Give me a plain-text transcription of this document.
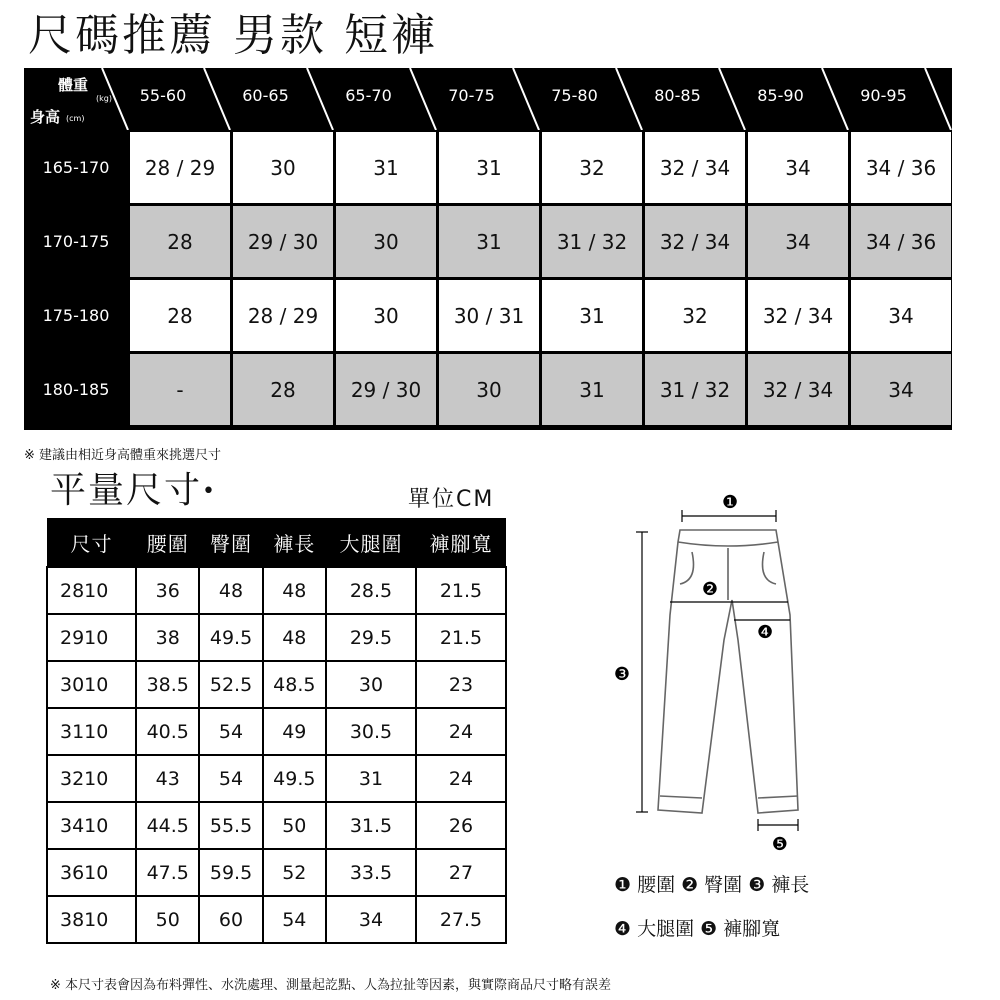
尺碼推薦 男款 短褲
體重
(kg)
身高 (cm)
55-60	60-65	65-70	70-75	75-80	80-85	85-90	90-95
165-170	28 / 29	30	31	31	32	32 / 34	34	34 / 36
170-175	28	29 / 30	30	31	31 / 32	32 / 34	34	34 / 36
175-180	28	28 / 29	30	30 / 31	31	32	32 / 34	34
180-185	-	28	29 / 30	30	31	31 / 32	32 / 34	34
※ 建議由相近身高體重來挑選尺寸
平量尺寸•	單位CM
尺寸	腰圍	臀圍	褲長	大腿圍	褲腳寬
2810	36	48	48	28.5	21.5
2910	38	49.5	48	29.5	21.5
3010	38.5	52.5	48.5	30	23
3110	40.5	54	49	30.5	24
3210	43	54	49.5	31	24
3410	44.5	55.5	50	31.5	26
3610	47.5	59.5	52	33.5	27
3810	50	60	54	34	27.5
❶
❷
❸
❹
❺
❶ 腰圍 ❷ 臀圍 ❸ 褲長
❹ 大腿圍 ❺ 褲腳寬
※ 本尺寸表會因為布料彈性、水洗處理、測量起訖點、人為拉扯等因素，與實際商品尺寸略有誤差
